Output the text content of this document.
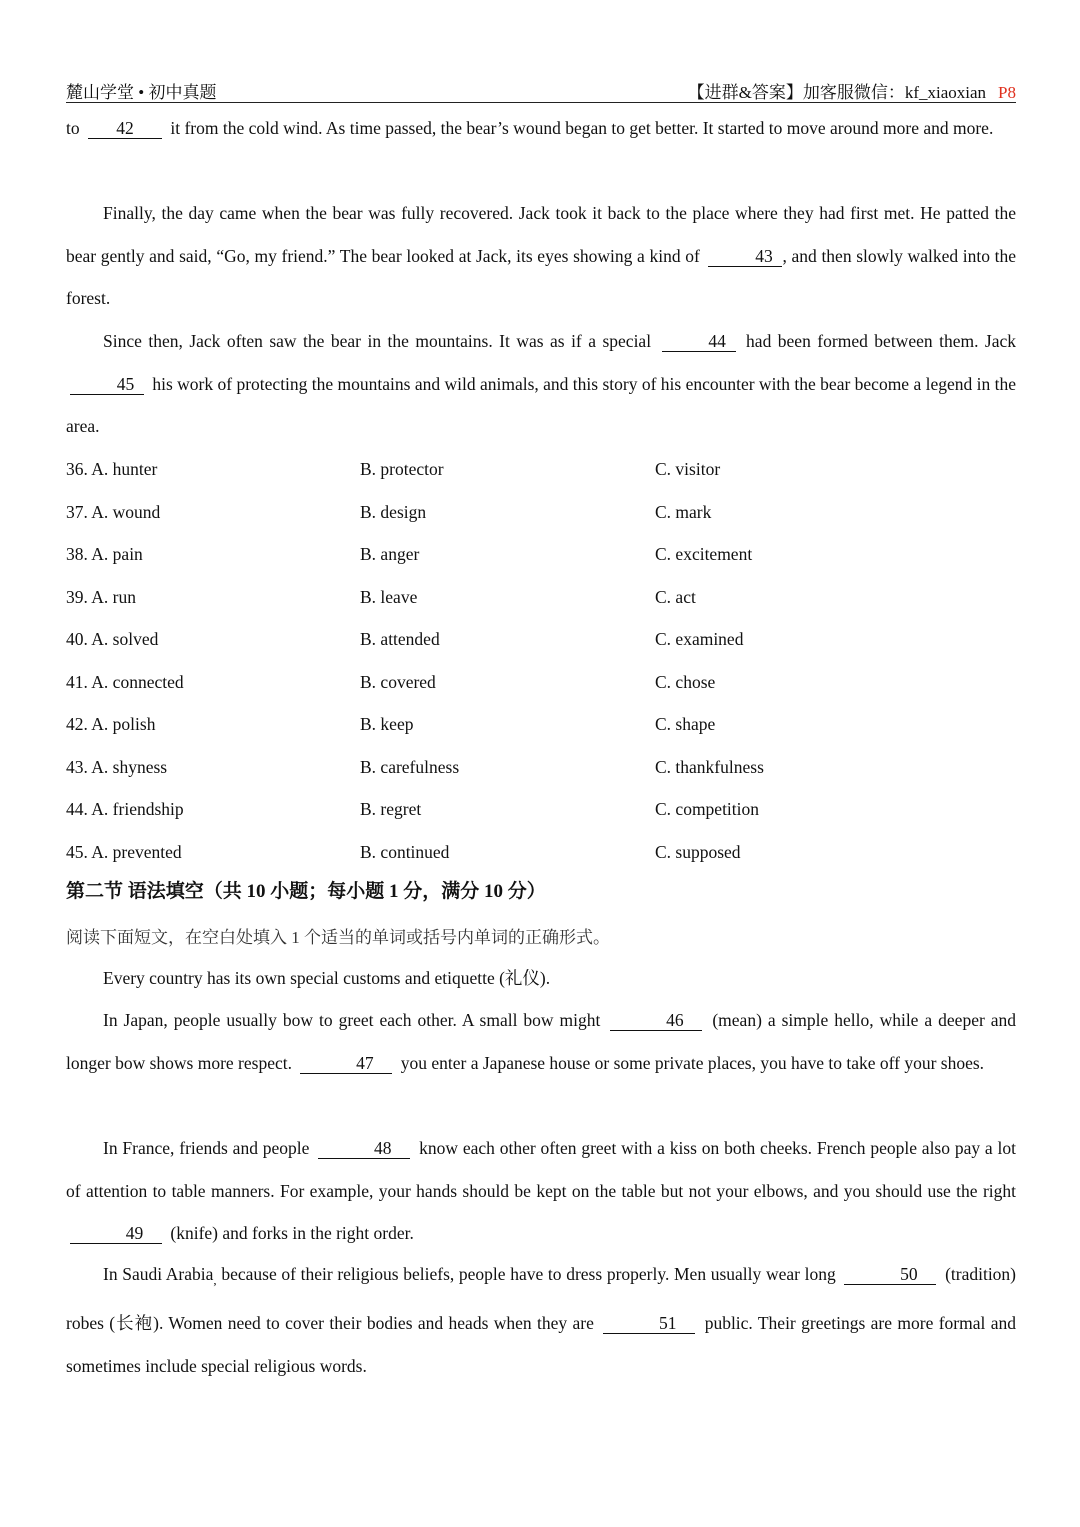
麓山学堂 • 初中真题	【进群&答案】加客服微信：kf_xiaoxian P8

to 42 it from the cold wind. As time passed, the bear’s wound began to get better. It started to move around more and more.

Finally, the day came when the bear was fully recovered. Jack took it back to the place where they had first met. He patted the bear gently and said, “Go, my friend.” The bear looked at Jack, its eyes showing a kind of	43 , and then slowly walked into the forest.

Since then, Jack often saw the bear in the mountains. It was as if a special	44 had been formed between them. Jack 45 his work of protecting the mountains and wild animals, and this story of his encounter with the bear become a legend in the area.

36. A. hunter	B. protector	C. visitor
37. A. wound	B. design	C. mark
38. A. pain	B. anger	C. excitement
39. A. run	B. leave	C. act
40. A. solved	B. attended	C. examined
41. A. connected	B. covered	C. chose
42. A. polish	B. keep	C. shape
43. A. shyness	B. carefulness	C. thankfulness
44. A. friendship	B. regret	C. competition
45. A. prevented	B. continued	C. supposed
第二节 语法填空（共 10 小题；每小题 1 分，满分 10 分）
阅读下面短文，在空白处填入 1 个适当的单词或括号内单词的正确形式。

Every country has its own special customs and etiquette (礼仪).

In Japan, people usually bow to greet each other. A small bow might	46 (mean) a simple hello, while a deeper and longer bow shows more respect.	47 you enter a Japanese house or some private places, you have to take off your shoes.

In France, friends and people	48 know each other often greet with a kiss on both cheeks. French people also pay a lot of attention to table manners. For example, your hands should be kept on the table but not your elbows, and you should use the right 49 (knife) and forks in the right order.

In Saudi Arabia$_,$ because of their religious beliefs, people have to dress properly. Men usually wear long	50 (tradition) robes (长袍). Women need to cover their bodies and heads when they are	51 public. Their greetings are more formal and sometimes include special religious words.
